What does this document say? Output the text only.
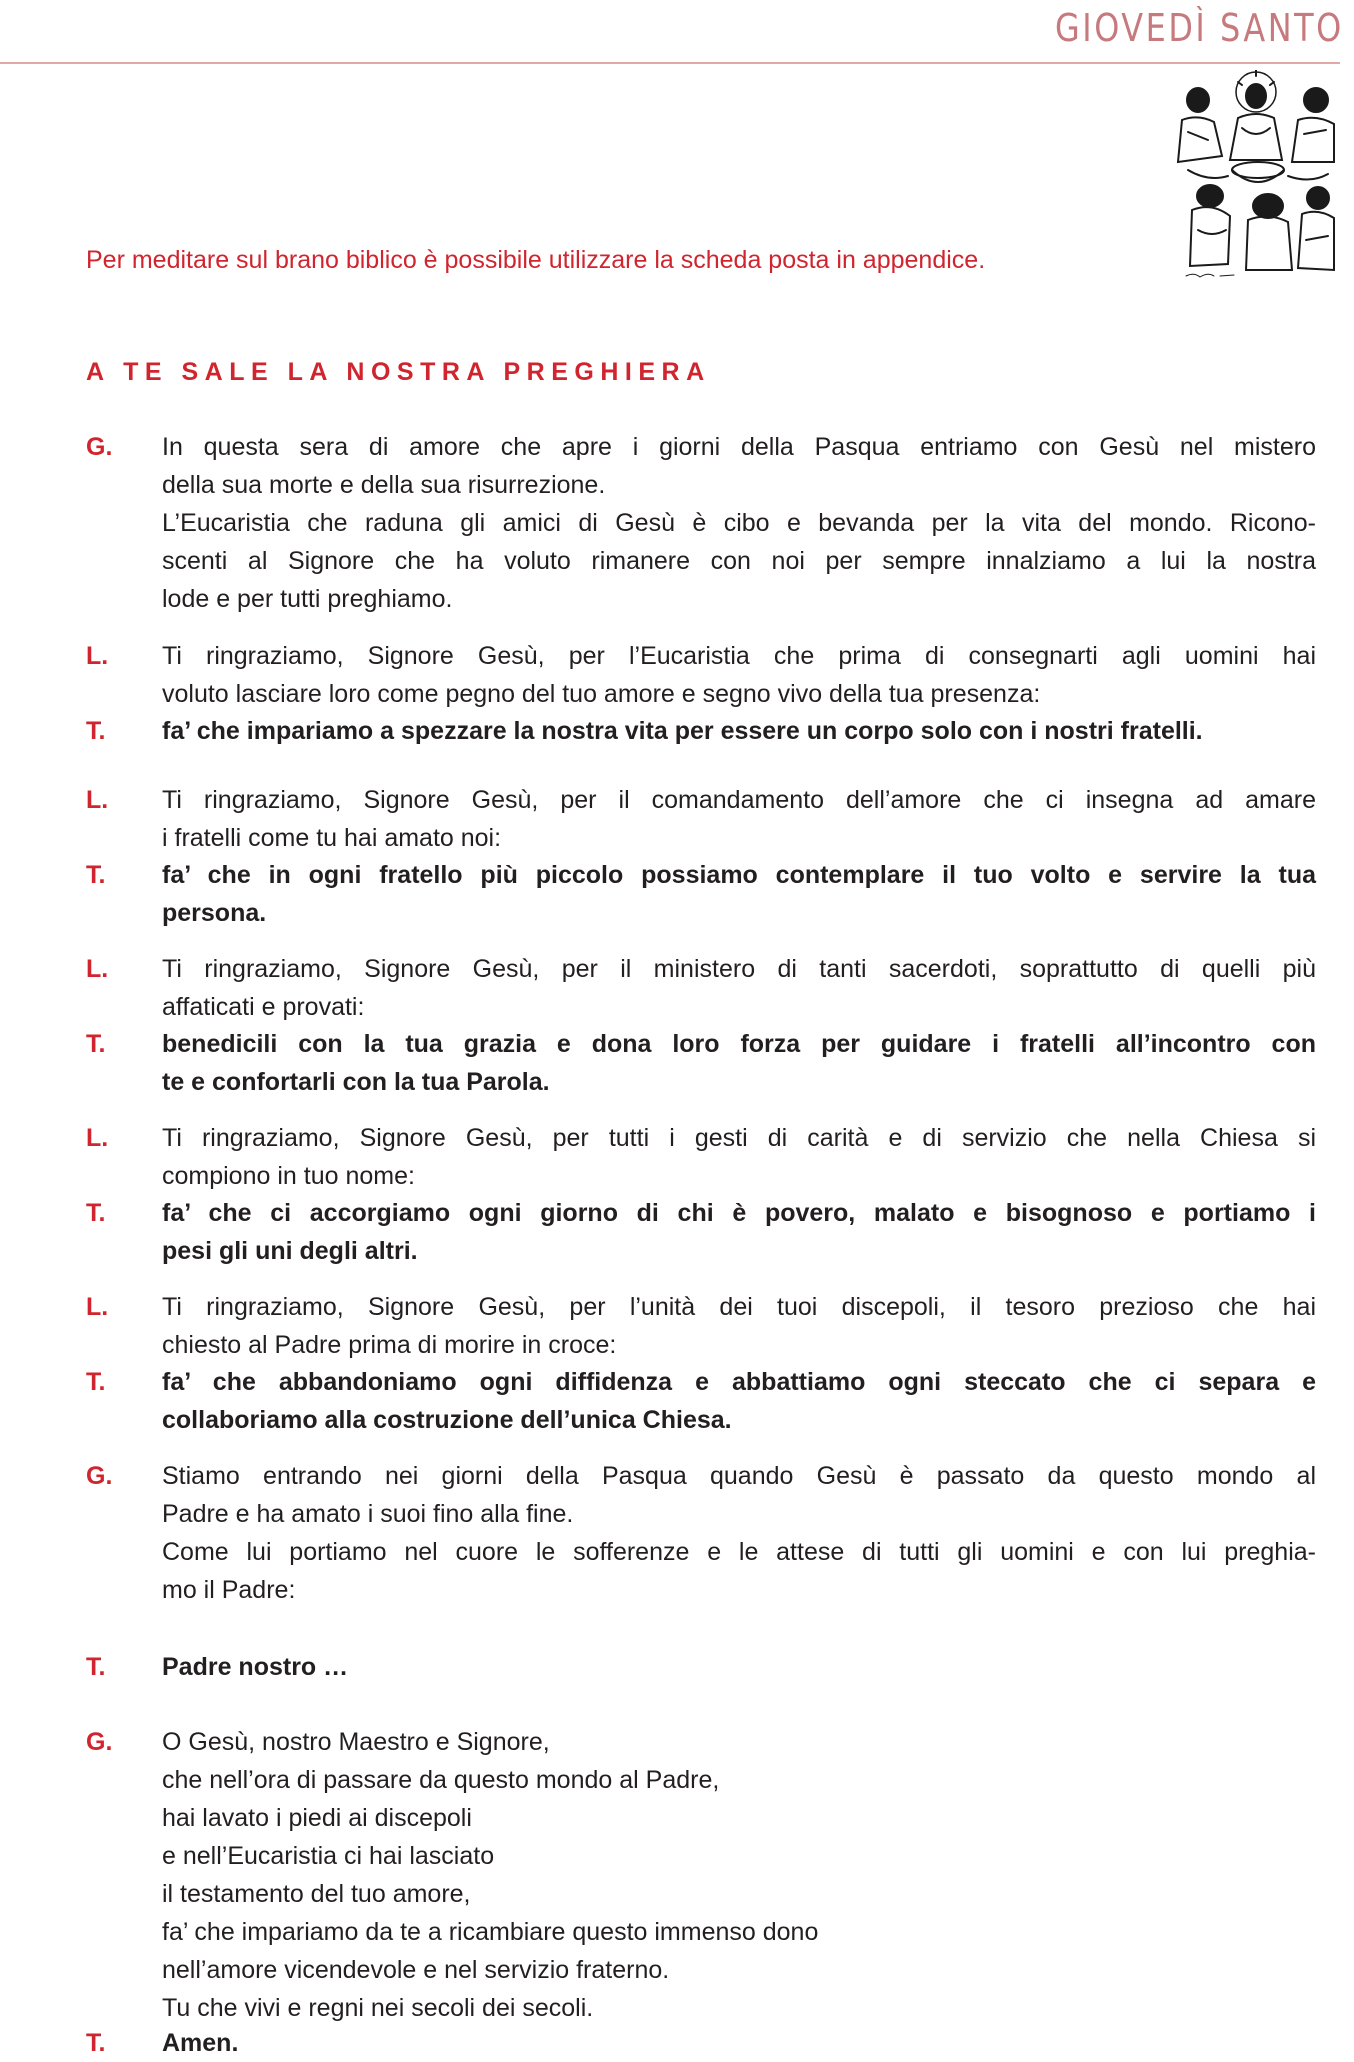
GIOVEDÌ SANTO
Per meditare sul brano biblico è possibile utilizzare la scheda posta in appendice.
A TE SALE LA NOSTRA PREGHIERA
G. In questa sera di amore che apre i giorni della Pasqua entriamo con Gesù nel mistero
della sua morte e della sua risurrezione.
L’Eucaristia che raduna gli amici di Gesù è cibo e bevanda per la vita del mondo. Ricono-
scenti al Signore che ha voluto rimanere con noi per sempre innalziamo a lui la nostra
lode e per tutti preghiamo.
L. Ti ringraziamo, Signore Gesù, per l’Eucaristia che prima di consegnarti agli uomini hai
voluto lasciare loro come pegno del tuo amore e segno vivo della tua presenza:
T. fa’ che impariamo a spezzare la nostra vita per essere un corpo solo con i nostri fratelli.
L. Ti ringraziamo, Signore Gesù, per il comandamento dell’amore che ci insegna ad amare
i fratelli come tu hai amato noi:
T. fa’ che in ogni fratello più piccolo possiamo contemplare il tuo volto e servire la tua
persona.
L. Ti ringraziamo, Signore Gesù, per il ministero di tanti sacerdoti, soprattutto di quelli più
affaticati e provati:
T. benedicili con la tua grazia e dona loro forza per guidare i fratelli all’incontro con
te e confortarli con la tua Parola.
L. Ti ringraziamo, Signore Gesù, per tutti i gesti di carità e di servizio che nella Chiesa si
compiono in tuo nome:
T. fa’ che ci accorgiamo ogni giorno di chi è povero, malato e bisognoso e portiamo i
pesi gli uni degli altri.
L. Ti ringraziamo, Signore Gesù, per l’unità dei tuoi discepoli, il tesoro prezioso che hai
chiesto al Padre prima di morire in croce:
T. fa’ che abbandoniamo ogni diffidenza e abbattiamo ogni steccato che ci separa e
collaboriamo alla costruzione dell’unica Chiesa.
G. Stiamo entrando nei giorni della Pasqua quando Gesù è passato da questo mondo al
Padre e ha amato i suoi fino alla fine.
Come lui portiamo nel cuore le sofferenze e le attese di tutti gli uomini e con lui preghia-
mo il Padre:
T. Padre nostro …
G. O Gesù, nostro Maestro e Signore,
che nell’ora di passare da questo mondo al Padre,
hai lavato i piedi ai discepoli
e nell’Eucaristia ci hai lasciato
il testamento del tuo amore,
fa’ che impariamo da te a ricambiare questo immenso dono
nell’amore vicendevole e nel servizio fraterno.
Tu che vivi e regni nei secoli dei secoli.
T. Amen.
